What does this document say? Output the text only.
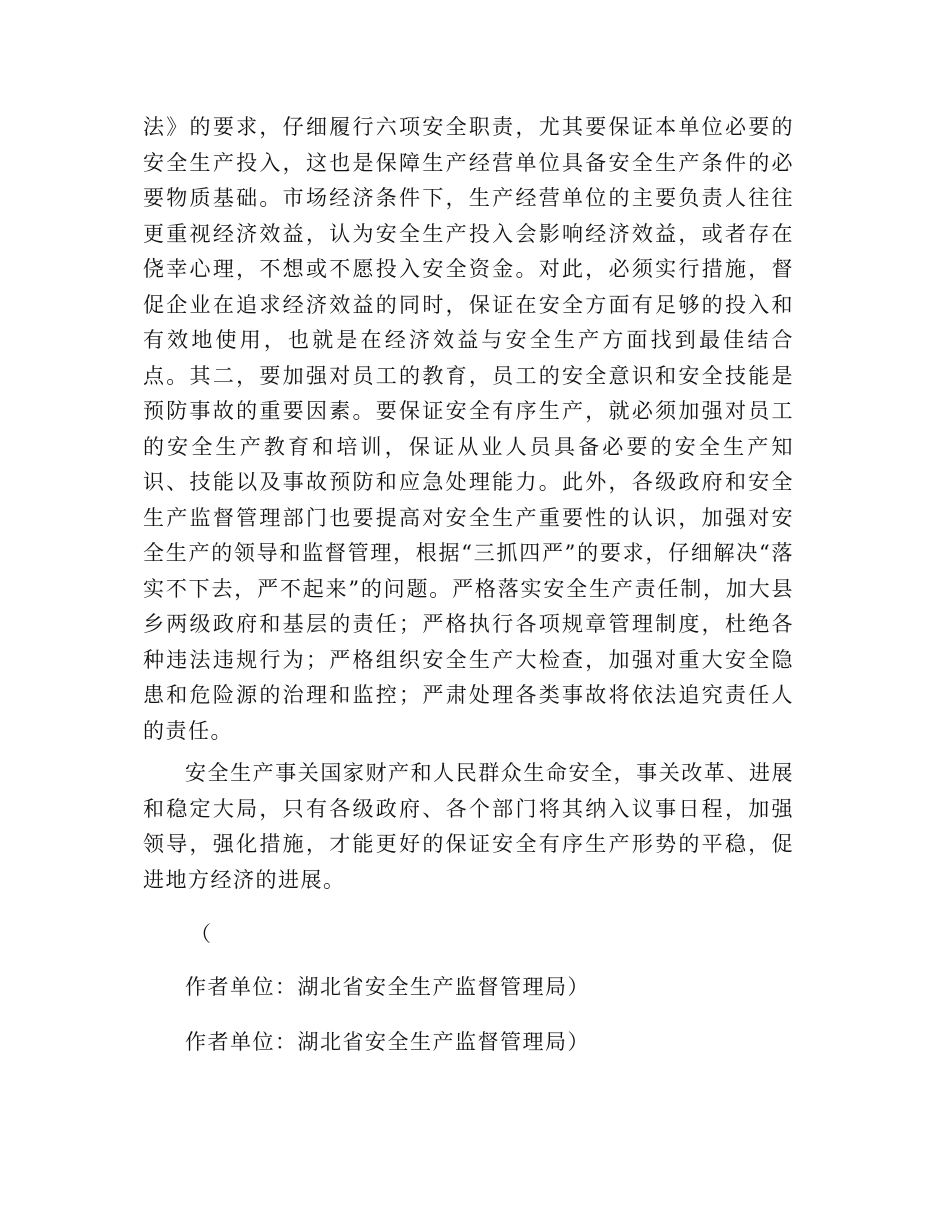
法》的要求，仔细履行六项安全职责，尤其要保证本单位必要的安全生产投入，这也是保障生产经营单位具备安全生产条件的必要物质基础。市场经济条件下，生产经营单位的主要负责人往往更重视经济效益，认为安全生产投入会影响经济效益，或者存在侥幸心理，不想或不愿投入安全资金。对此，必须实行措施，督促企业在追求经济效益的同时，保证在安全方面有足够的投入和有效地使用，也就是在经济效益与安全生产方面找到最佳结合点。其二，要加强对员工的教育，员工的安全意识和安全技能是预防事故的重要因素。要保证安全有序生产，就必须加强对员工的安全生产教育和培训，保证从业人员具备必要的安全生产知识、技能以及事故预防和应急处理能力。此外，各级政府和安全生产监督管理部门也要提高对安全生产重要性的认识，加强对安全生产的领导和监督管理，根据“三抓四严”的要求，仔细解决“落实不下去，严不起来”的问题。严格落实安全生产责任制，加大县乡两级政府和基层的责任；严格执行各项规章管理制度，杜绝各种违法违规行为；严格组织安全生产大检查，加强对重大安全隐患和危险源的治理和监控；严肃处理各类事故将依法追究责任人的责任。

安全生产事关国家财产和人民群众生命安全，事关改革、进展和稳定大局，只有各级政府、各个部门将其纳入议事日程，加强领导，强化措施，才能更好的保证安全有序生产形势的平稳，促进地方经济的进展。

（

作者单位：湖北省安全生产监督管理局）

作者单位：湖北省安全生产监督管理局）
